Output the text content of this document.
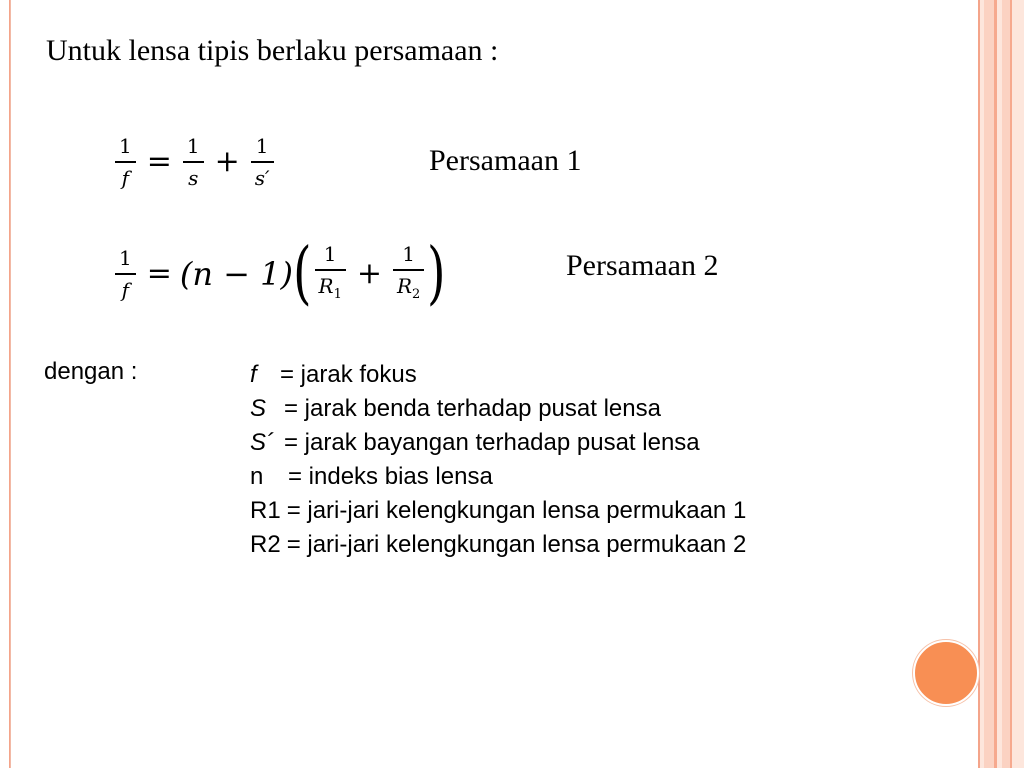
Untuk lensa tipis berlaku persamaan :
$\frac{1}{f} = \frac{1}{s} + \frac{1}{s'}$	Persamaan 1
$\frac{1}{f} = (n - 1)$ ( $\frac{1}{R_1} + \frac{1}{R_2}$ )	Persamaan 2
dengan :	f = jarak fokus
S = jarak benda terhadap pusat lensa
S´ = jarak bayangan terhadap pusat lensa
n = indeks bias lensa
R1 = jari-jari kelengkungan lensa permukaan 1
R2 = jari-jari kelengkungan lensa permukaan 2
